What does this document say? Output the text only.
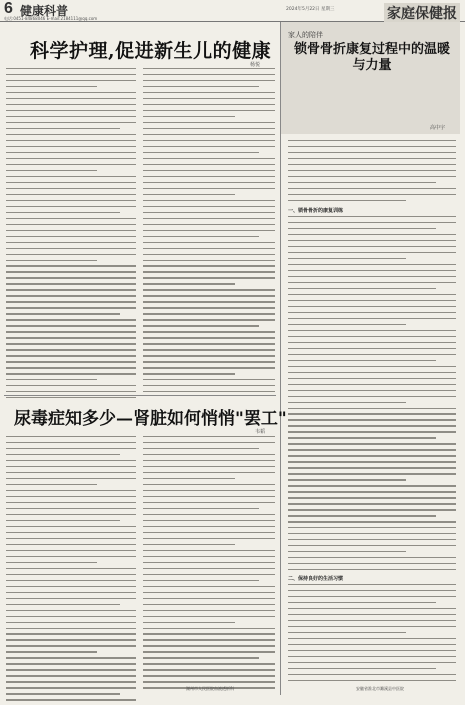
6 健康科普
电话:0451-84868046 E-mail:2184111@qq.com
2024年5月22日 星期三	家庭保健报
科学护理,促进新生儿的健康
杨悦
家人的陪伴
锁骨骨折康复过程中的温暖与力量
高中宇
一、锁骨骨折的康复训练
二、保持良好的生活习惯
安徽省淮北市濉溪县中医院
尿毒症知多少—肾脏如何悄悄"罢工"
韦韬
湖州市人民医院血液透析科
